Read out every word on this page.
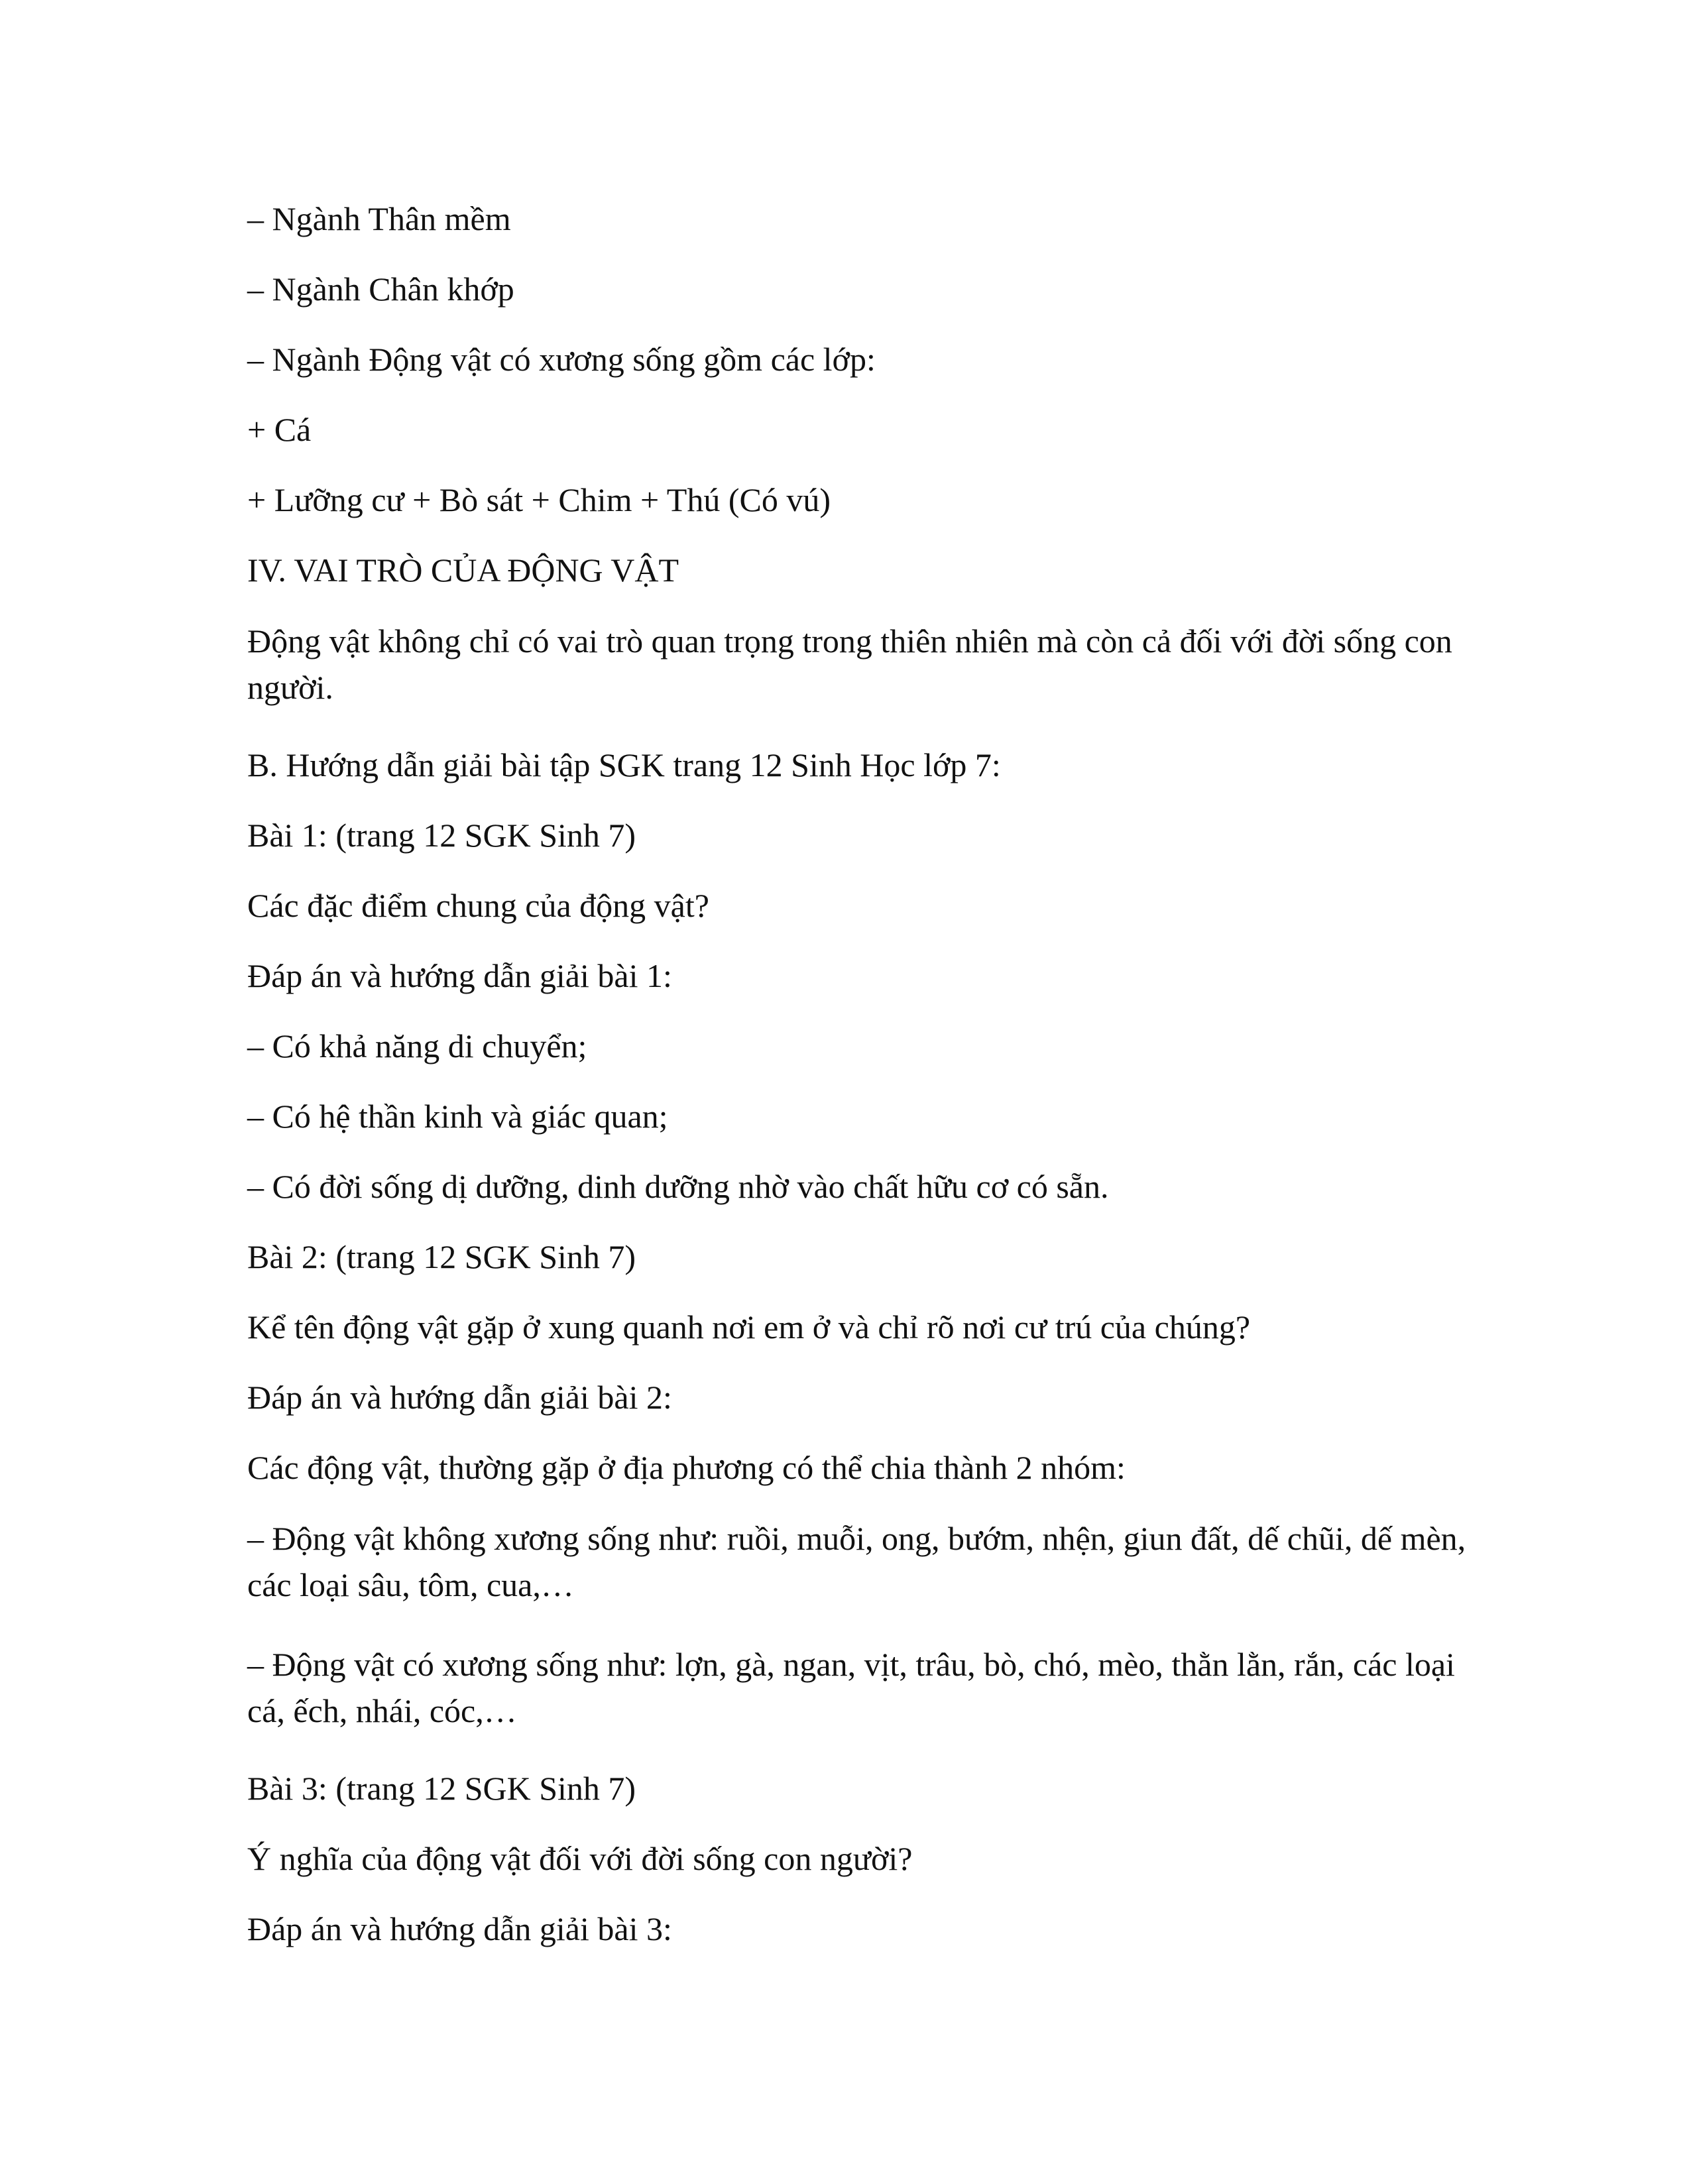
– Ngành Thân mềm

– Ngành Chân khớp

– Ngành Động vật có xương sống gồm các lớp:

+ Cá

+ Lưỡng cư + Bò sát + Chim + Thú (Có vú)

IV. VAI TRÒ CỦA ĐỘNG VẬT

Động vật không chỉ có vai trò quan trọng trong thiên nhiên mà còn cả đối với đời sống con người.

B. Hướng dẫn giải bài tập SGK trang 12 Sinh Học lớp 7:

Bài 1: (trang 12 SGK Sinh 7)

Các đặc điểm chung của động vật?

Đáp án và hướng dẫn giải bài 1:

– Có khả năng di chuyển;

– Có hệ thần kinh và giác quan;

– Có đời sống dị dưỡng, dinh dưỡng nhờ vào chất hữu cơ có sẵn.

Bài 2: (trang 12 SGK Sinh 7)

Kể tên động vật gặp ở xung quanh nơi em ở và chỉ rõ nơi cư trú của chúng?

Đáp án và hướng dẫn giải bài 2:

Các động vật, thường gặp ở địa phương có thể chia thành 2 nhóm:

– Động vật không xương sống như: ruồi, muỗi, ong, bướm, nhện, giun đất, dế chũi, dế mèn, các loại sâu, tôm, cua,…

– Động vật có xương sống như: lợn, gà, ngan, vịt, trâu, bò, chó, mèo, thằn lằn, rắn, các loại cá, ếch, nhái, cóc,…

Bài 3: (trang 12 SGK Sinh 7)

Ý nghĩa của động vật đối với đời sống con người?

Đáp án và hướng dẫn giải bài 3:
